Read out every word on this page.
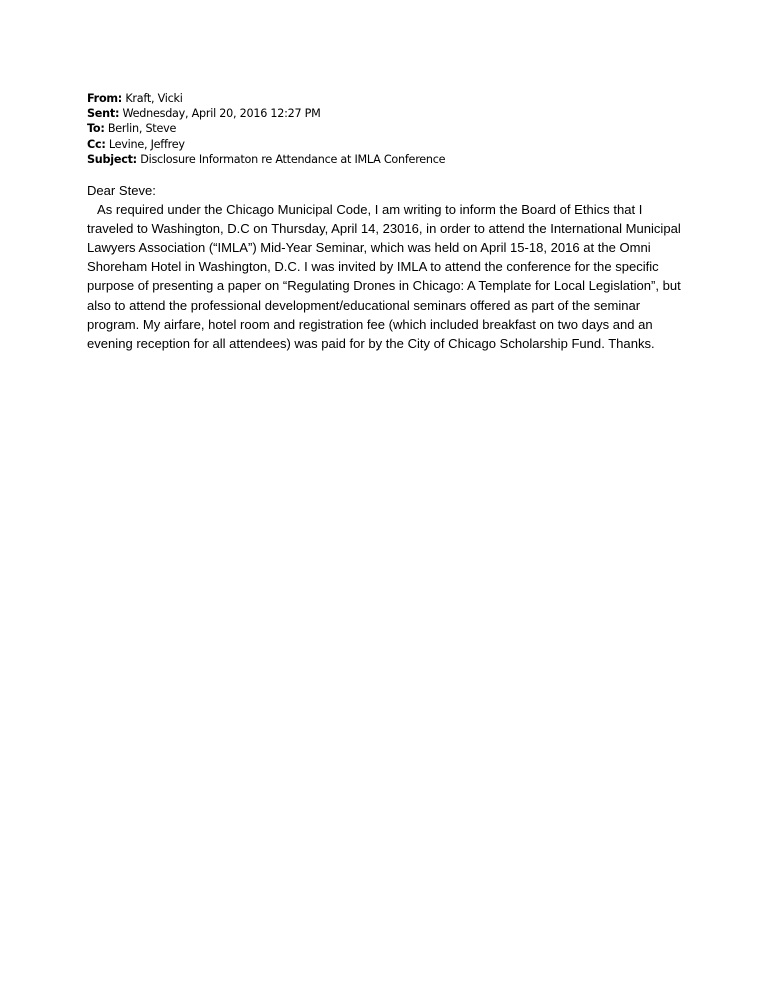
From: Kraft, Vicki
Sent: Wednesday, April 20, 2016 12:27 PM
To: Berlin, Steve
Cc: Levine, Jeffrey
Subject: Disclosure Informaton re Attendance at IMLA Conference
Dear Steve:
As required under the Chicago Municipal Code, I am writing to inform the Board of Ethics that I
traveled to Washington, D.C on Thursday, April 14, 23016, in order to attend the International Municipal
Lawyers Association (“IMLA”) Mid-Year Seminar, which was held on April 15-18, 2016 at the Omni
Shoreham Hotel in Washington, D.C. I was invited by IMLA to attend the conference for the specific
purpose of presenting a paper on “Regulating Drones in Chicago: A Template for Local Legislation”, but
also to attend the professional development/educational seminars offered as part of the seminar
program. My airfare, hotel room and registration fee (which included breakfast on two days and an
evening reception for all attendees) was paid for by the City of Chicago Scholarship Fund. Thanks.
